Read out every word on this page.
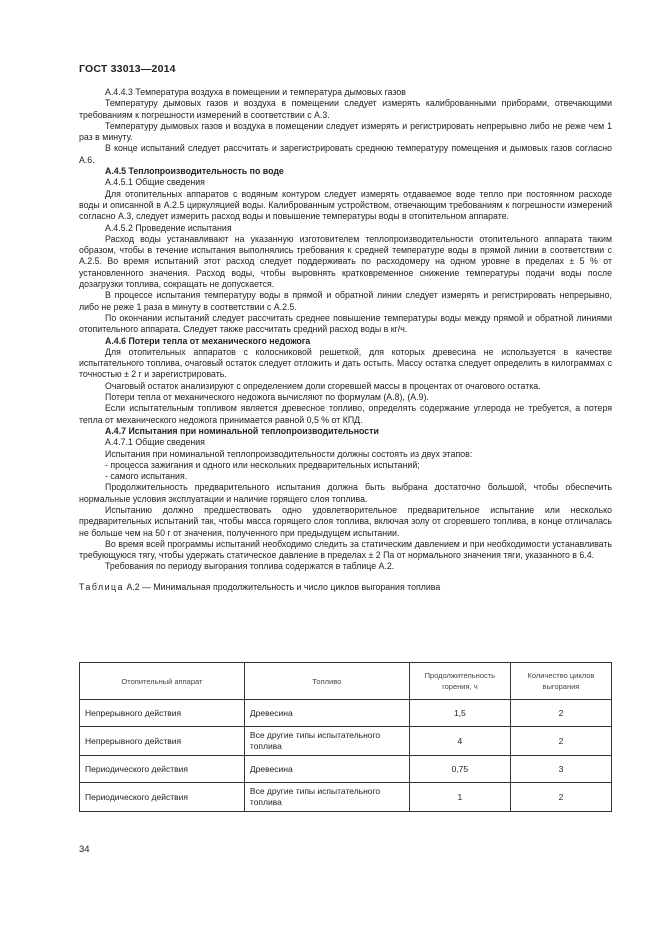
ГОСТ 33013—2014

А.4.4.3 Температура воздуха в помещении и температура дымовых газов

Температуру дымовых газов и воздуха в помещении следует измерять калиброванными приборами, отвечающими требованиям к погрешности измерений в соответствии с А.3.

Температуру дымовых газов и воздуха в помещении следует измерять и регистрировать непрерывно либо не реже чем 1 раз в минуту.

В конце испытаний следует рассчитать и зарегистрировать среднюю температуру помещения и дымовых газов согласно А.6.

А.4.5 Теплопроизводительность по воде

А.4.5.1 Общие сведения

Для отопительных аппаратов с водяным контуром следует измерять отдаваемое воде тепло при постоянном расходе воды и описанной в А.2.5 циркуляцией воды. Калиброванным устройством, отвечающим требованиям к погрешности измерений согласно А.3, следует измерить расход воды и повышение температуры воды в отопительном аппарате.

А.4.5.2 Проведение испытания

Расход воды устанавливают на указанную изготовителем теплопроизводительности отопительного аппарата таким образом, чтобы в течение испытания выполнялись требования к средней температуре воды в прямой линии в соответствии с А.2.5. Во время испытаний этот расход следует поддерживать по расходомеру на одном уровне в пределах ± 5 % от установленного значения. Расход воды, чтобы выровнять кратковременное снижение температуры подачи воды после дозагрузки топлива, сокращать не допускается.

В процессе испытания температуру воды в прямой и обратной линии следует измерять и регистрировать непрерывно, либо не реже 1 раза в минуту в соответствии с А.2.5.

По окончании испытаний следует рассчитать среднее повышение температуры воды между прямой и обратной линиями отопительного аппарата. Следует также рассчитать средний расход воды в кг/ч.

А.4.6 Потери тепла от механического недожога

Для отопительных аппаратов с колосниковой решеткой, для которых древесина не используется в качестве испытательного топлива, очаговый остаток следует отложить и дать остыть. Массу остатка следует определить в килограммах с точностью ± 2 г и зарегистрировать.

Очаговый остаток анализируют с определением доли сгоревшей массы в процентах от очагового остатка.

Потери тепла от механического недожога вычисляют по формулам (А.8), (А.9).

Если испытательным топливом является древесное топливо, определять содержание углерода не требуется, а потеря тепла от механического недожога принимается равной 0,5 % от КПД.

А.4.7 Испытания при номинальной теплопроизводительности

А.4.7.1 Общие сведения

Испытания при номинальной теплопроизводительности должны состоять из двух этапов:

- процесса зажигания и одного или нескольких предварительных испытаний;

- самого испытания.

Продолжительность предварительного испытания должна быть выбрана достаточно большой, чтобы обеспечить нормальные условия эксплуатации и наличие горящего слоя топлива.

Испытанию должно предшествовать одно удовлетворительное предварительное испытание или несколько предварительных испытаний так, чтобы масса горящего слоя топлива, включая золу от сгоревшего топлива, в конце отличалась не больше чем на 50 г от значения, полученного при предыдущем испытании.

Во время всей программы испытаний необходимо следить за статическим давлением и при необходимости устанавливать требующуюся тягу, чтобы удержать статическое давление в пределах ± 2 Па от нормального значения тяги, указанного в 6.4.

Требования по периоду выгорания топлива содержатся в таблице А.2.

Таблица А.2 — Минимальная продолжительность и число циклов выгорания топлива

Отопительный аппарат	Топливо	Продолжительность горения, ч	Количество циклов выгорания
Непрерывного действия	Древесина	1,5	2
Непрерывного действия	Все другие типы испытательного топлива	4	2
Периодического действия	Древесина	0,75	3
Периодического действия	Все другие типы испытательного топлива	1	2
34
